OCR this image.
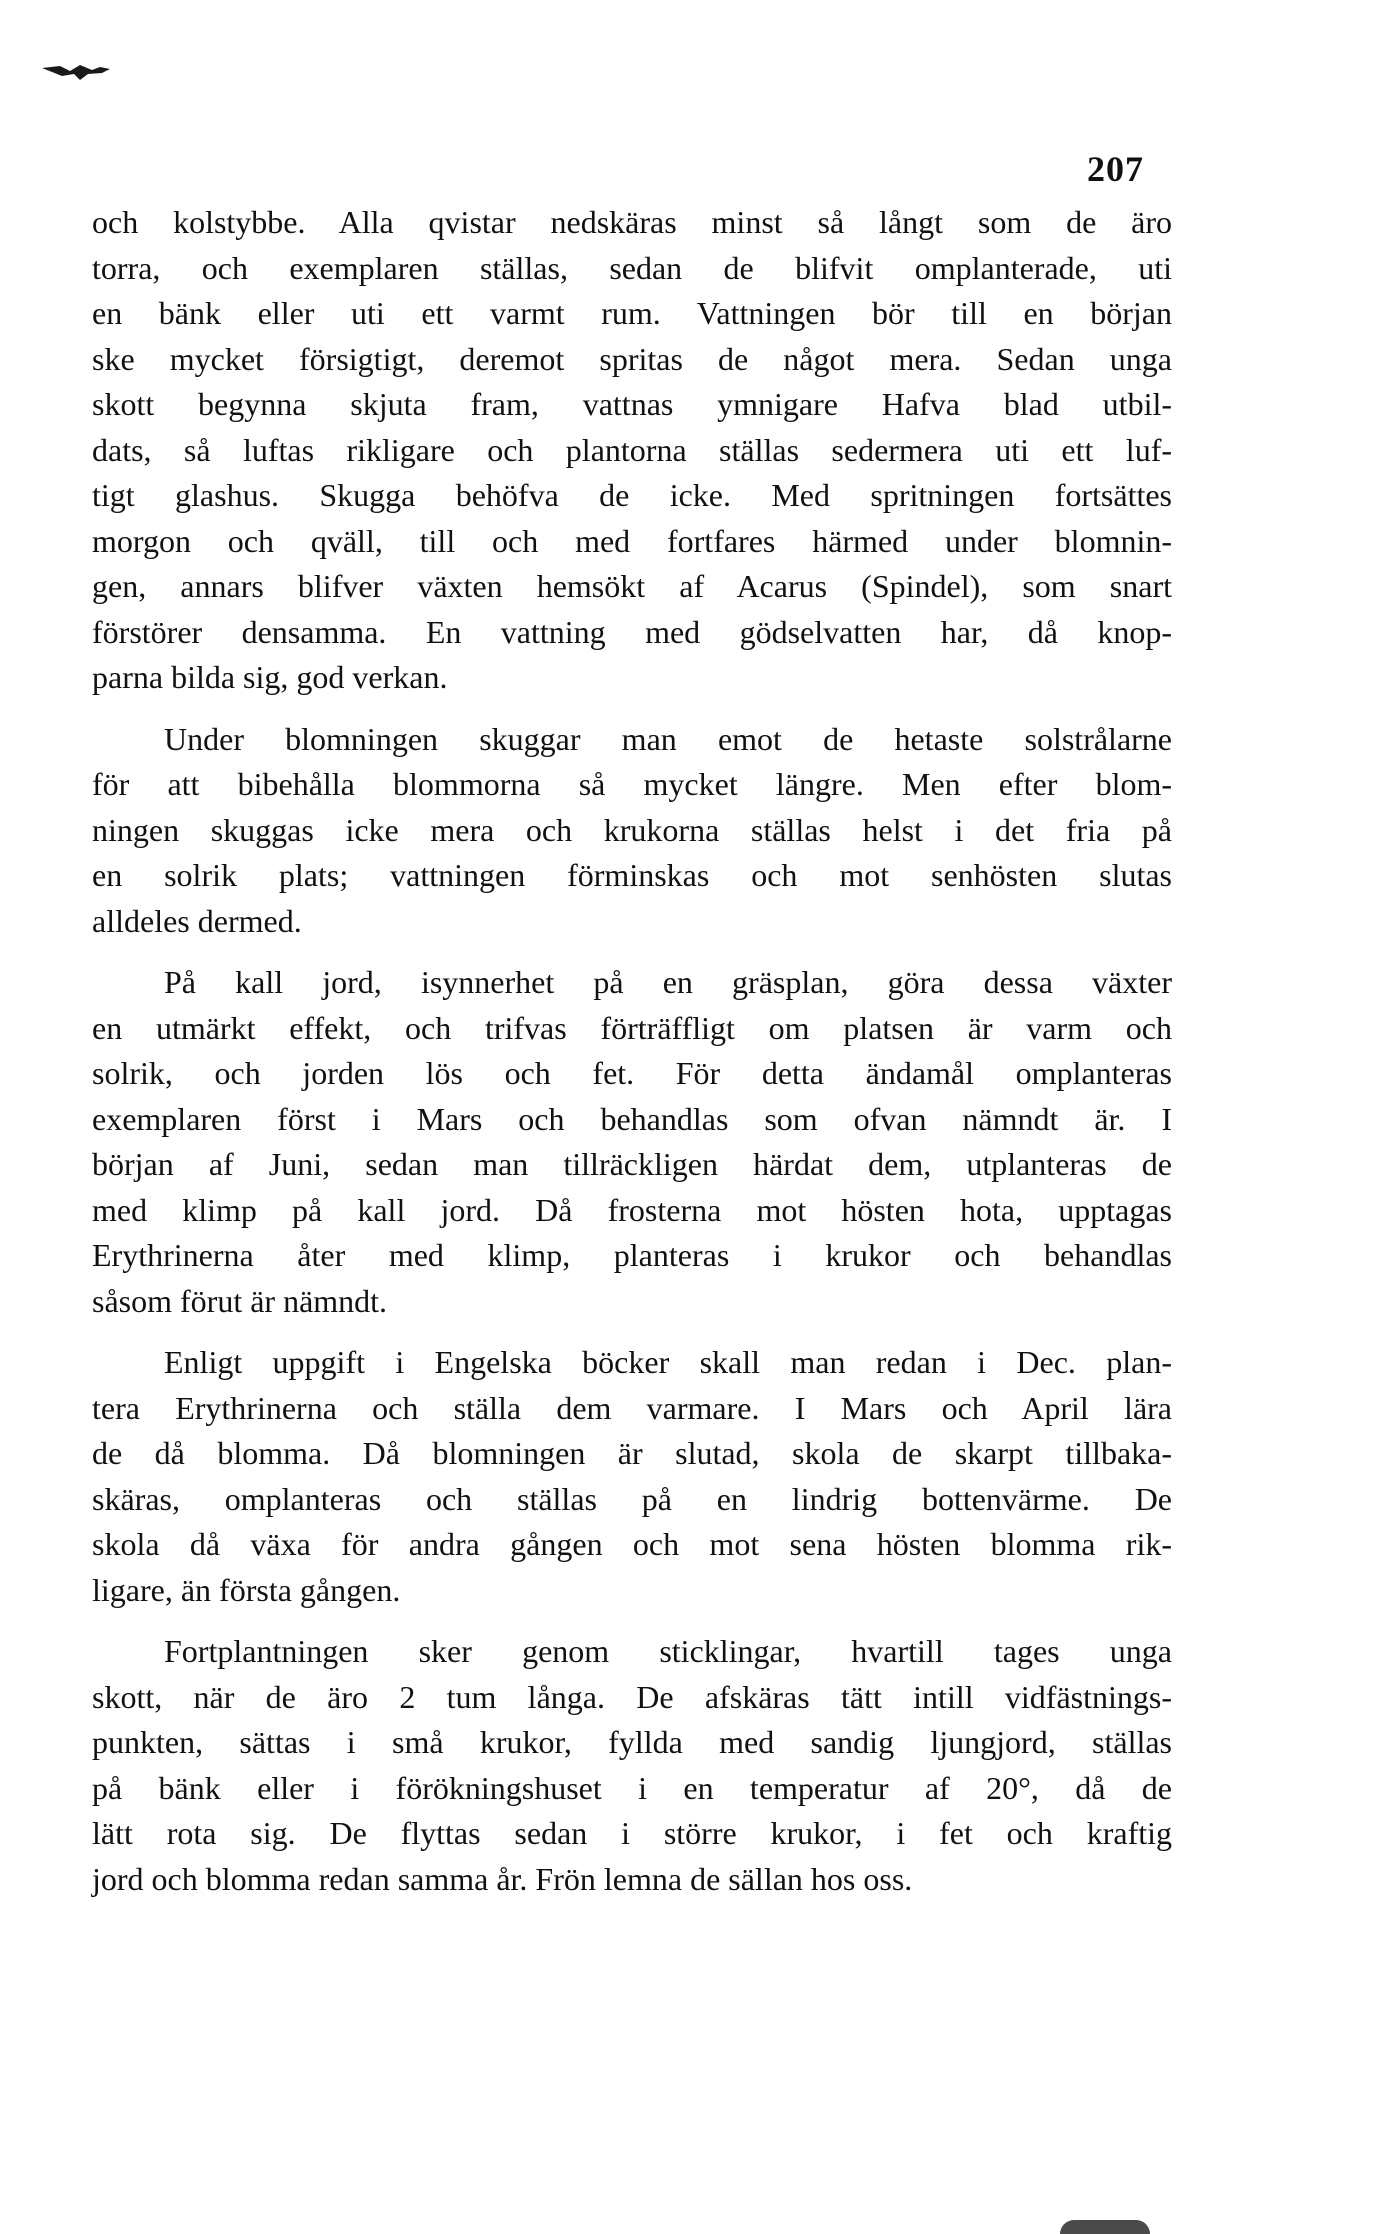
207
och kolstybbe. Alla qvistar nedskäras minst så långt som de äro
torra, och exemplaren ställas, sedan de blifvit omplanterade, uti
en bänk eller uti ett varmt rum. Vattningen bör till en början
ske mycket försigtigt, deremot spritas de något mera. Sedan unga
skott begynna skjuta fram, vattnas ymnigare Hafva blad utbil-
dats, så luftas rikligare och plantorna ställas sedermera uti ett luf-
tigt glashus. Skugga behöfva de icke. Med spritningen fortsättes
morgon och qväll, till och med fortfares härmed under blomnin-
gen, annars blifver växten hemsökt af Acarus (Spindel), som snart
förstörer densamma. En vattning med gödselvatten har, då knop-
parna bilda sig, god verkan.
Under blomningen skuggar man emot de hetaste solstrålarne
för att bibehålla blommorna så mycket längre. Men efter blom-
ningen skuggas icke mera och krukorna ställas helst i det fria på
en solrik plats; vattningen förminskas och mot senhösten slutas
alldeles dermed.
På kall jord, isynnerhet på en gräsplan, göra dessa växter
en utmärkt effekt, och trifvas förträffligt om platsen är varm och
solrik, och jorden lös och fet. För detta ändamål omplanteras
exemplaren först i Mars och behandlas som ofvan nämndt är. I
början af Juni, sedan man tillräckligen härdat dem, utplanteras de
med klimp på kall jord. Då frosterna mot hösten hota, upptagas
Erythrinerna åter med klimp, planteras i krukor och behandlas
såsom förut är nämndt.
Enligt uppgift i Engelska böcker skall man redan i Dec. plan-
tera Erythrinerna och ställa dem varmare. I Mars och April lära
de då blomma. Då blomningen är slutad, skola de skarpt tillbaka-
skäras, omplanteras och ställas på en lindrig bottenvärme. De
skola då växa för andra gången och mot sena hösten blomma rik-
ligare, än första gången.
Fortplantningen sker genom sticklingar, hvartill tages unga
skott, när de äro 2 tum långa. De afskäras tätt intill vidfästnings-
punkten, sättas i små krukor, fyllda med sandig ljungjord, ställas
på bänk eller i förökningshuset i en temperatur af 20°, då de
lätt rota sig. De flyttas sedan i större krukor, i fet och kraftig
jord och blomma redan samma år. Frön lemna de sällan hos oss.
